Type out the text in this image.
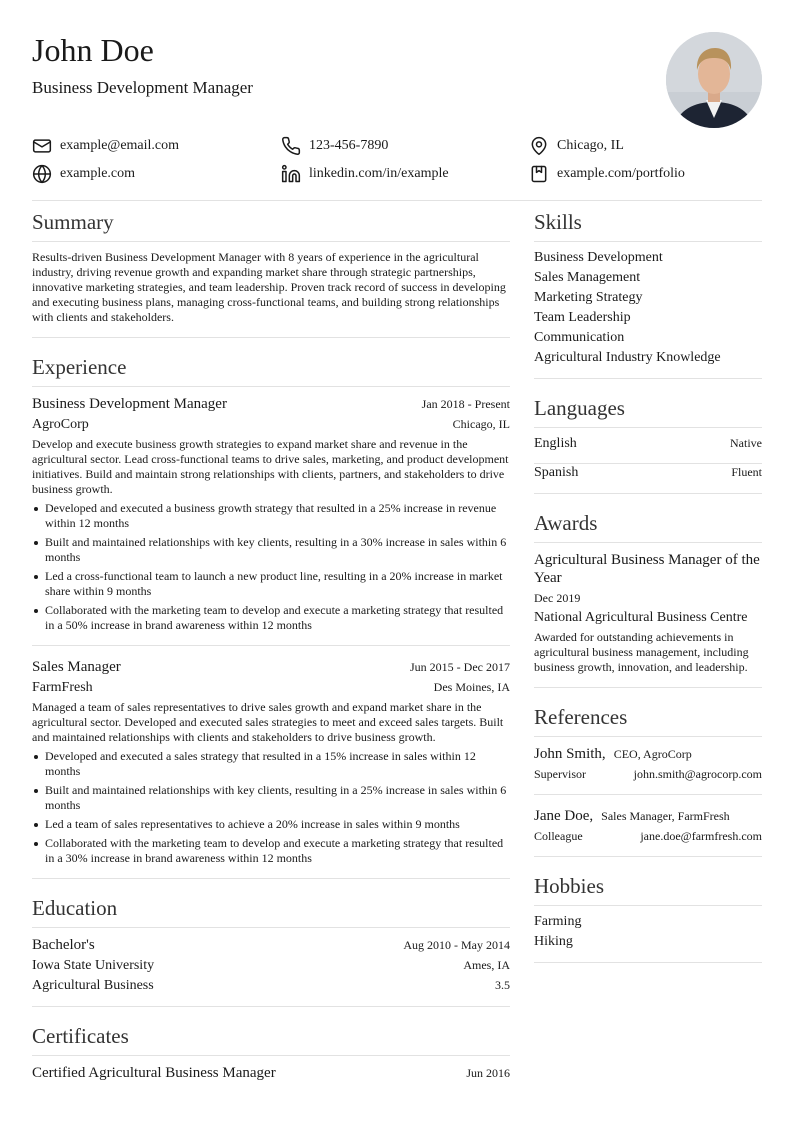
John Doe
Business Development Manager
example@email.com	123-456-7890	Chicago, IL
example.com	linkedin.com/in/example	example.com/portfolio
Summary
Results-driven Business Development Manager with 8 years of experience in the agricultural industry, driving revenue growth and expanding market share through strategic partnerships, innovative marketing strategies, and team leadership. Proven track record of success in developing and executing business plans, managing cross-functional teams, and building strong relationships with clients and stakeholders.
Experience
Business Development Manager	Jan 2018 - Present
AgroCorp	Chicago, IL
Develop and execute business growth strategies to expand market share and revenue in the agricultural sector. Lead cross-functional teams to drive sales, marketing, and product development initiatives. Build and maintain strong relationships with clients, partners, and stakeholders to drive business growth.
Developed and executed a business growth strategy that resulted in a 25% increase in revenue within 12 months
Built and maintained relationships with key clients, resulting in a 30% increase in sales within 6 months
Led a cross-functional team to launch a new product line, resulting in a 20% increase in market share within 9 months
Collaborated with the marketing team to develop and execute a marketing strategy that resulted in a 50% increase in brand awareness within 12 months
Sales Manager	Jun 2015 - Dec 2017
FarmFresh	Des Moines, IA
Managed a team of sales representatives to drive sales growth and expand market share in the agricultural sector. Developed and executed sales strategies to meet and exceed sales targets. Built and maintained relationships with clients and stakeholders to drive business growth.
Developed and executed a sales strategy that resulted in a 15% increase in sales within 12 months
Built and maintained relationships with key clients, resulting in a 25% increase in sales within 6 months
Led a team of sales representatives to achieve a 20% increase in sales within 9 months
Collaborated with the marketing team to develop and execute a marketing strategy that resulted in a 30% increase in brand awareness within 12 months
Education
Bachelor's	Aug 2010 - May 2014
Iowa State University	Ames, IA
Agricultural Business	3.5
Certificates
Certified Agricultural Business Manager	Jun 2016
Skills
Business Development
Sales Management
Marketing Strategy
Team Leadership
Communication
Agricultural Industry Knowledge
Languages
English	Native
Spanish	Fluent
Awards
Agricultural Business Manager of the Year
Dec 2019
National Agricultural Business Centre
Awarded for outstanding achievements in agricultural business management, including business growth, innovation, and leadership.
References
John Smith, CEO, AgroCorp
Supervisor	john.smith@agrocorp.com
Jane Doe, Sales Manager, FarmFresh
Colleague	jane.doe@farmfresh.com
Hobbies
Farming
Hiking
